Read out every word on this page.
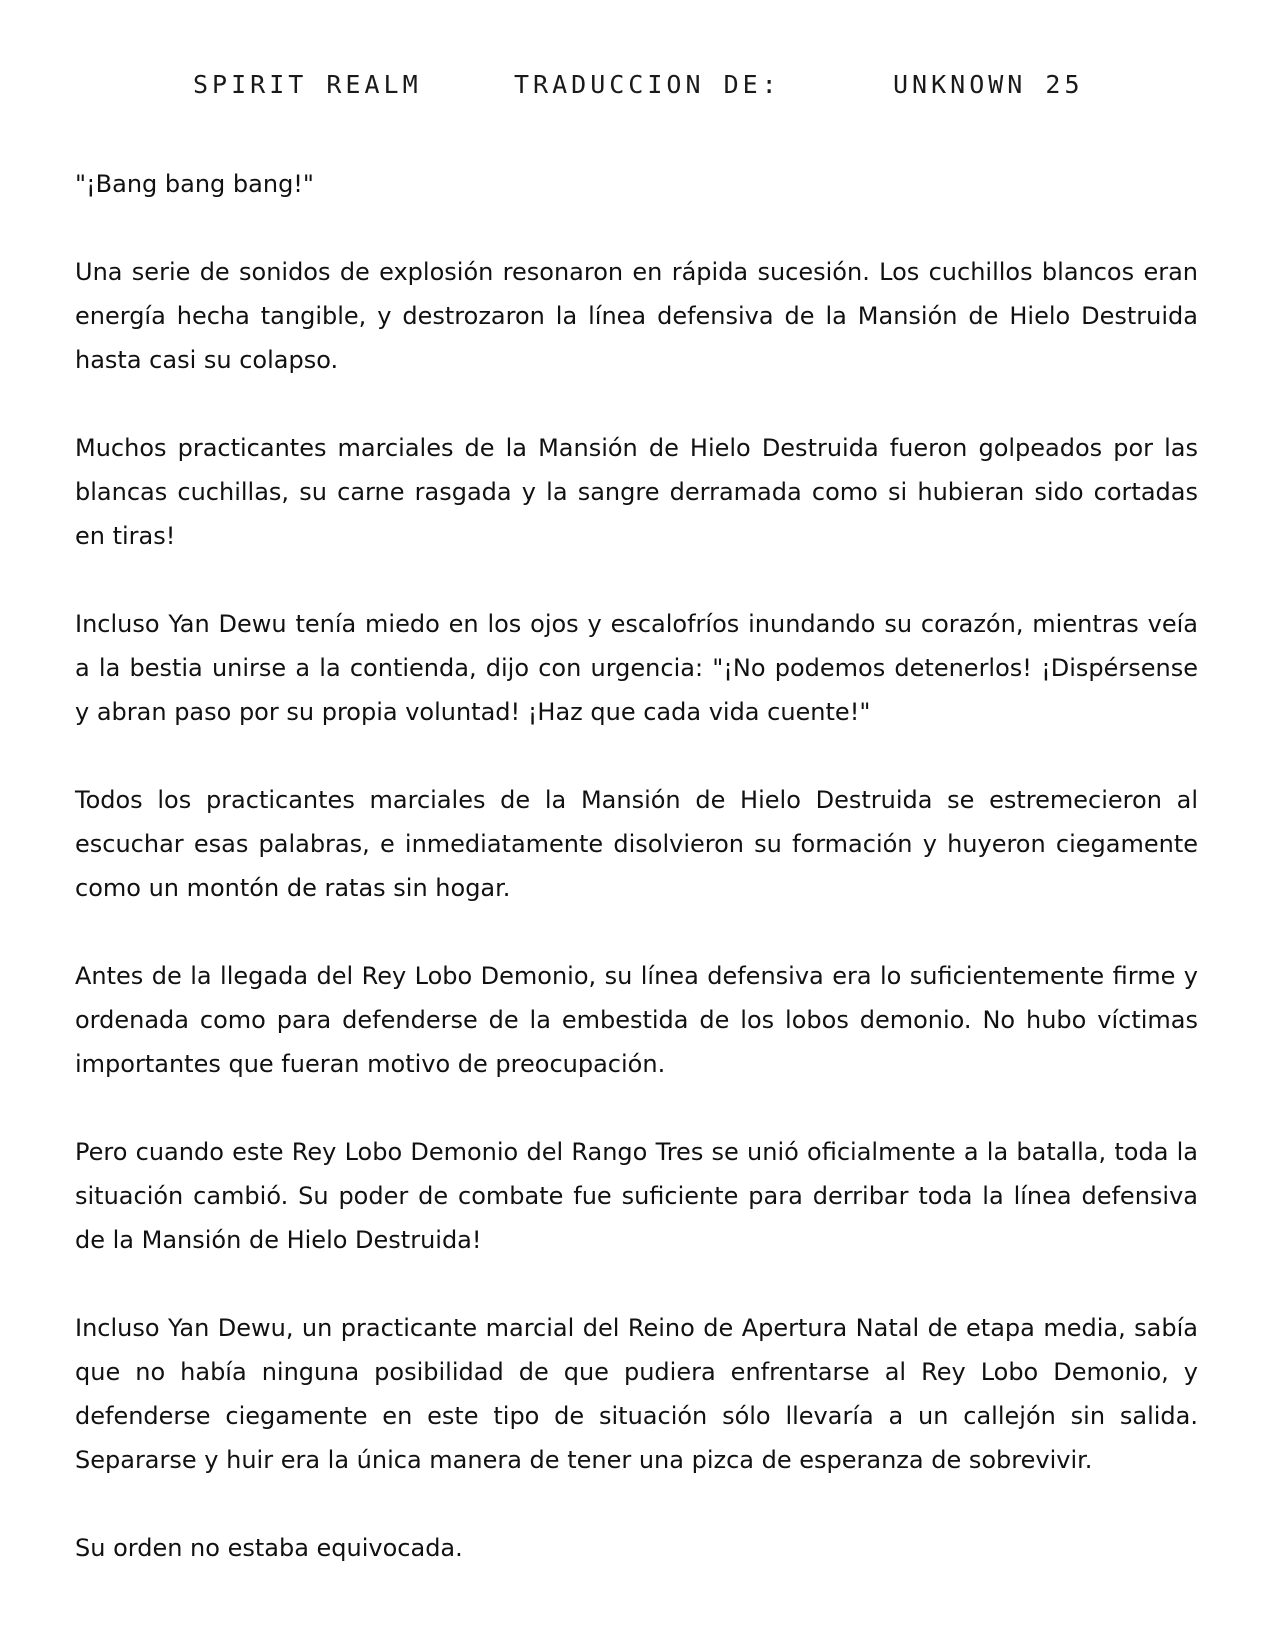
SPIRIT REALM	TRADUCCION DE:	UNKNOWN 25

"¡Bang bang bang!"

Una serie de sonidos de explosión resonaron en rápida sucesión. Los cuchillos blancos eran energía hecha tangible, y destrozaron la línea defensiva de la Mansión de Hielo Destruida hasta casi su colapso.

Muchos practicantes marciales de la Mansión de Hielo Destruida fueron golpeados por las blancas cuchillas, su carne rasgada y la sangre derramada como si hubieran sido cortadas en tiras!

Incluso Yan Dewu tenía miedo en los ojos y escalofríos inundando su corazón, mientras veía a la bestia unirse a la contienda, dijo con urgencia: "¡No podemos detenerlos! ¡Dispérsense y abran paso por su propia voluntad! ¡Haz que cada vida cuente!"

Todos los practicantes marciales de la Mansión de Hielo Destruida se estremecieron al escuchar esas palabras, e inmediatamente disolvieron su formación y huyeron ciegamente como un montón de ratas sin hogar.

Antes de la llegada del Rey Lobo Demonio, su línea defensiva era lo suficientemente firme y ordenada como para defenderse de la embestida de los lobos demonio. No hubo víctimas importantes que fueran motivo de preocupación.

Pero cuando este Rey Lobo Demonio del Rango Tres se unió oficialmente a la batalla, toda la situación cambió. Su poder de combate fue suficiente para derribar toda la línea defensiva de la Mansión de Hielo Destruida!

Incluso Yan Dewu, un practicante marcial del Reino de Apertura Natal de etapa media, sabía que no había ninguna posibilidad de que pudiera enfrentarse al Rey Lobo Demonio, y defenderse ciegamente en este tipo de situación sólo llevaría a un callejón sin salida. Separarse y huir era la única manera de tener una pizca de esperanza de sobrevivir.

Su orden no estaba equivocada.
